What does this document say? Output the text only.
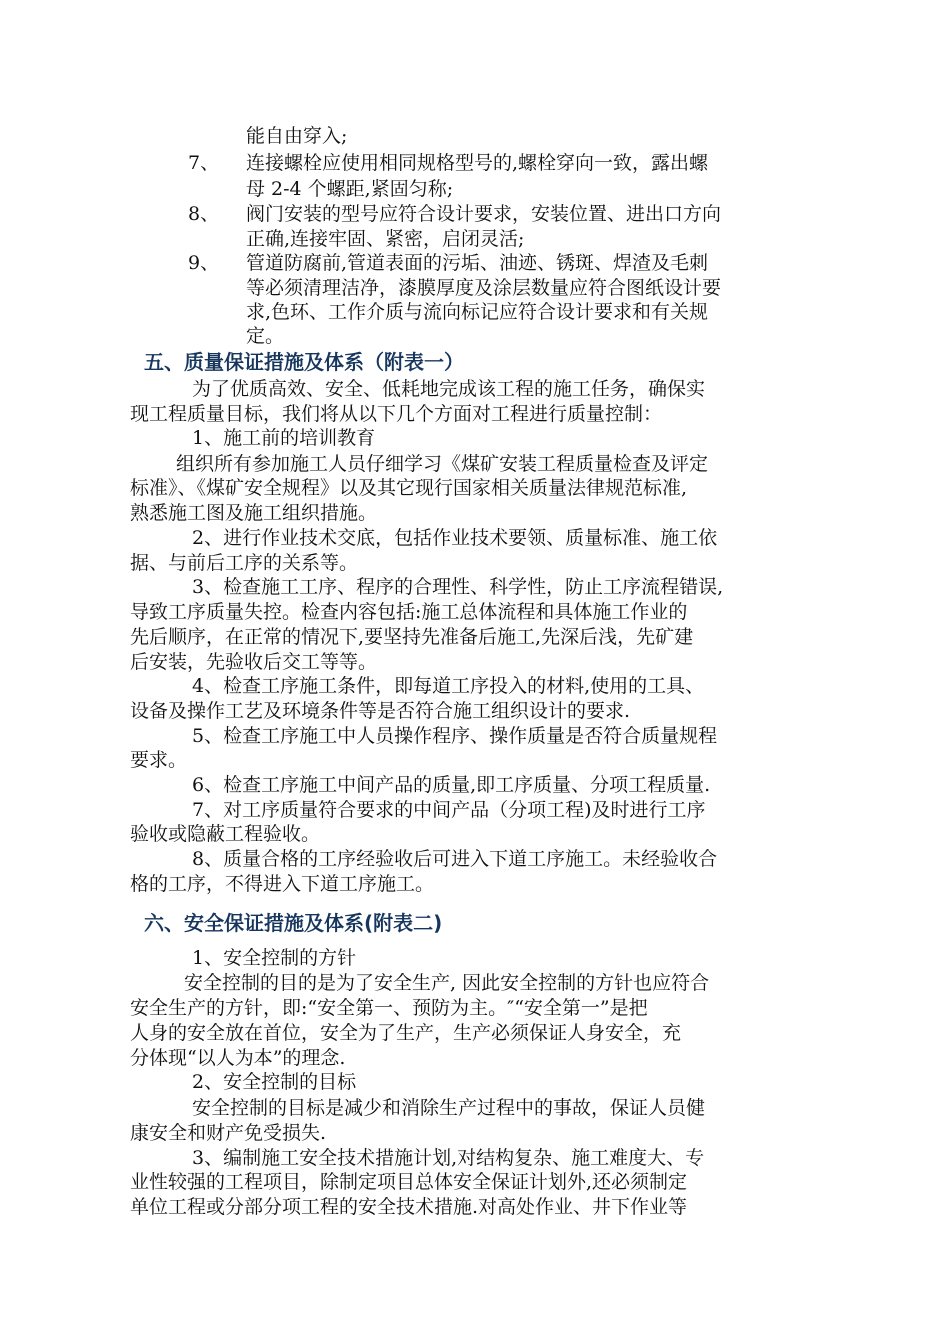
能自由穿入;
7、 连接螺栓应使用相同规格型号的,螺栓穿向一致，露出螺
母 2-4 个螺距,紧固匀称;
8、 阀门安装的型号应符合设计要求，安装位置、进出口方向
正确,连接牢固、紧密，启闭灵活;
9、 管道防腐前,管道表面的污垢、油迹、锈斑、焊渣及毛刺
等必须清理洁净，漆膜厚度及涂层数量应符合图纸设计要
求,色环、工作介质与流向标记应符合设计要求和有关规
定。
五、质量保证措施及体系（附表一）
为了优质高效、安全、低耗地完成该工程的施工任务，确保实
现工程质量目标，我们将从以下几个方面对工程进行质量控制：
1、施工前的培训教育
组织所有参加施工人员仔细学习《煤矿安装工程质量检查及评定
标准》、《煤矿安全规程》以及其它现行国家相关质量法律规范标准,
熟悉施工图及施工组织措施。
2、进行作业技术交底，包括作业技术要领、质量标准、施工依
据、与前后工序的关系等。
3、检查施工工序、程序的合理性、科学性，防止工序流程错误,
导致工序质量失控。检查内容包括:施工总体流程和具体施工作业的
先后顺序，在正常的情况下,要坚持先准备后施工,先深后浅，先矿建
后安装，先验收后交工等等。
4、检查工序施工条件，即每道工序投入的材料,使用的工具、
设备及操作工艺及环境条件等是否符合施工组织设计的要求.
5、检查工序施工中人员操作程序、操作质量是否符合质量规程
要求。
6、检查工序施工中间产品的质量,即工序质量、分项工程质量.
7、对工序质量符合要求的中间产品（分项工程)及时进行工序
验收或隐蔽工程验收。
8、质量合格的工序经验收后可进入下道工序施工。未经验收合
格的工序，不得进入下道工序施工。
六、安全保证措施及体系(附表二)
1、安全控制的方针
安全控制的目的是为了安全生产, 因此安全控制的方针也应符合
安全生产的方针，即:“安全第一、预防为主。″“安全第一”是把
人身的安全放在首位，安全为了生产，生产必须保证人身安全，充
分体现“以人为本”的理念.
2、安全控制的目标
安全控制的目标是减少和消除生产过程中的事故，保证人员健
康安全和财产免受损失.
3、编制施工安全技术措施计划,对结构复杂、施工难度大、专
业性较强的工程项目，除制定项目总体安全保证计划外,还必须制定
单位工程或分部分项工程的安全技术措施.对高处作业、井下作业等
